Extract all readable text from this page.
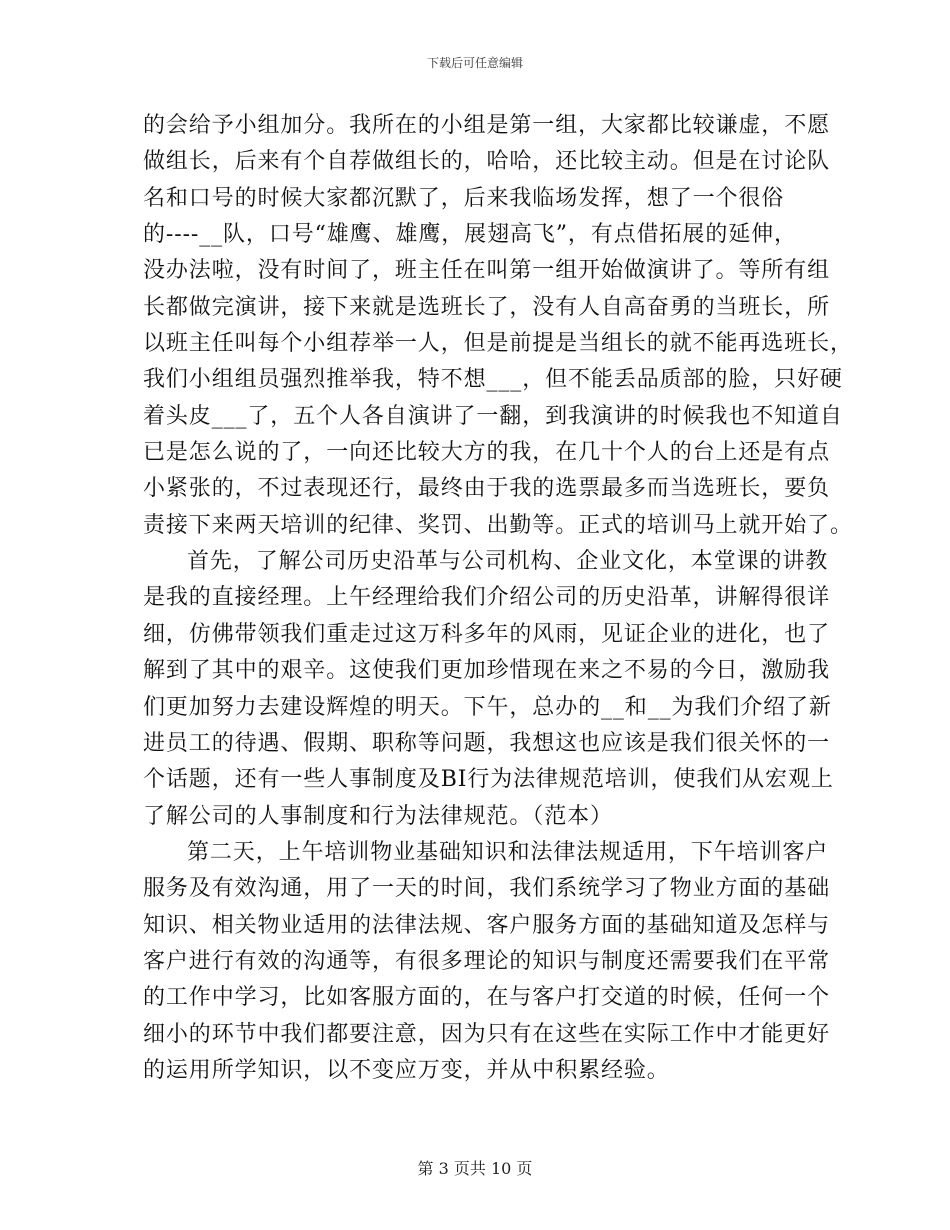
下载后可任意编辑
的会给予小组加分。我所在的小组是第一组，大家都比较谦虚，不愿
做组长，后来有个自荐做组长的，哈哈，还比较主动。但是在讨论队
名和口号的时候大家都沉默了，后来我临场发挥，想了一个很俗
的----__队，口号“雄鹰、雄鹰，展翅高飞”，有点借拓展的延伸，
没办法啦，没有时间了，班主任在叫第一组开始做演讲了。等所有组
长都做完演讲，接下来就是选班长了，没有人自高奋勇的当班长，所
以班主任叫每个小组荐举一人，但是前提是当组长的就不能再选班长，
我们小组组员强烈推举我，特不想___，但不能丢品质部的脸，只好硬
着头皮___了，五个人各自演讲了一翻，到我演讲的时候我也不知道自
已是怎么说的了，一向还比较大方的我，在几十个人的台上还是有点
小紧张的，不过表现还行，最终由于我的选票最多而当选班长，要负
责接下来两天培训的纪律、奖罚、出勤等。正式的培训马上就开始了。
首先，了解公司历史沿革与公司机构、企业文化，本堂课的讲教
是我的直接经理。上午经理给我们介绍公司的历史沿革，讲解得很详
细，仿佛带领我们重走过这万科多年的风雨，见证企业的进化，也了
解到了其中的艰辛。这使我们更加珍惜现在来之不易的今日，激励我
们更加努力去建设辉煌的明天。下午，总办的__和__为我们介绍了新
进员工的待遇、假期、职称等问题，我想这也应该是我们很关怀的一
个话题，还有一些人事制度及BI行为法律规范培训，使我们从宏观上
了解公司的人事制度和行为法律规范。（范本）
第二天，上午培训物业基础知识和法律法规适用，下午培训客户
服务及有效沟通，用了一天的时间，我们系统学习了物业方面的基础
知识、相关物业适用的法律法规、客户服务方面的基础知道及怎样与
客户进行有效的沟通等，有很多理论的知识与制度还需要我们在平常
的工作中学习，比如客服方面的，在与客户打交道的时候，任何一个
细小的环节中我们都要注意，因为只有在这些在实际工作中才能更好
的运用所学知识，以不变应万变，并从中积累经验。
第 3 页共 10 页
